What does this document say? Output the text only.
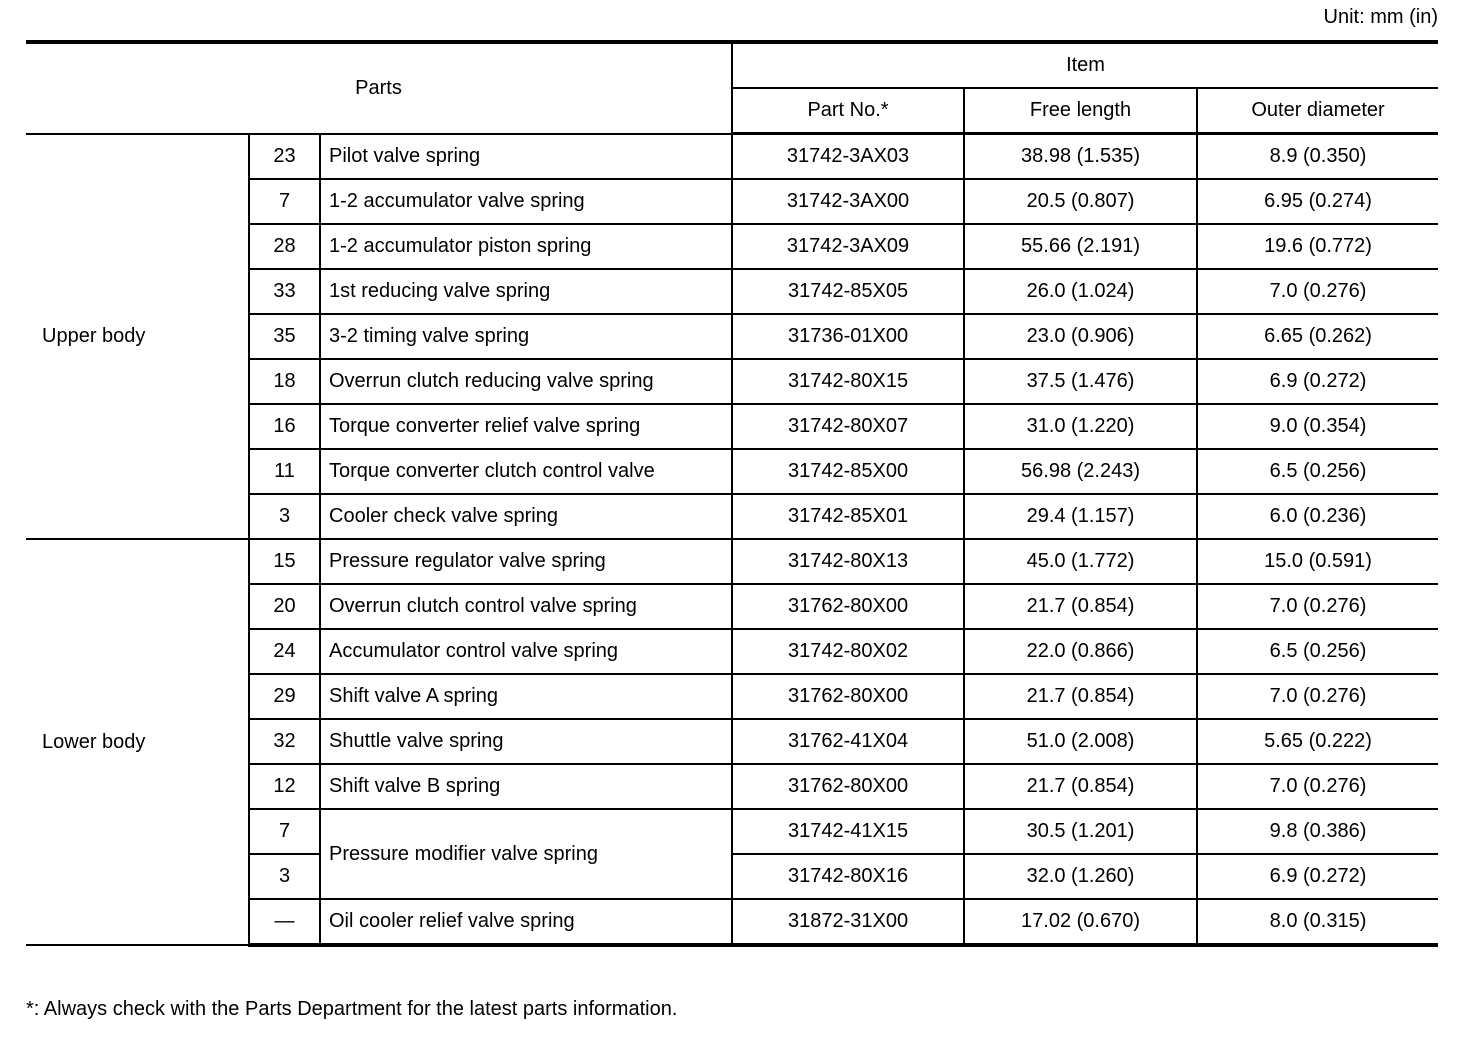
Unit: mm (in)
Parts			Item		
			Part No.*	Free length	Outer diameter
Upper body	23	Pilot valve spring	31742-3AX03	38.98 (1.535)	8.9 (0.350)
	7	1-2 accumulator valve spring	31742-3AX00	20.5 (0.807)	6.95 (0.274)
	28	1-2 accumulator piston spring	31742-3AX09	55.66 (2.191)	19.6 (0.772)
	33	1st reducing valve spring	31742-85X05	26.0 (1.024)	7.0 (0.276)
	35	3-2 timing valve spring	31736-01X00	23.0 (0.906)	6.65 (0.262)
	18	Overrun clutch reducing valve spring	31742-80X15	37.5 (1.476)	6.9 (0.272)
	16	Torque converter relief valve spring	31742-80X07	31.0 (1.220)	9.0 (0.354)
	11	Torque converter clutch control valve	31742-85X00	56.98 (2.243)	6.5 (0.256)
	3	Cooler check valve spring	31742-85X01	29.4 (1.157)	6.0 (0.236)
Lower body	15	Pressure regulator valve spring	31742-80X13	45.0 (1.772)	15.0 (0.591)
	20	Overrun clutch control valve spring	31762-80X00	21.7 (0.854)	7.0 (0.276)
	24	Accumulator control valve spring	31742-80X02	22.0 (0.866)	6.5 (0.256)
	29	Shift valve A spring	31762-80X00	21.7 (0.854)	7.0 (0.276)
	32	Shuttle valve spring	31762-41X04	51.0 (2.008)	5.65 (0.222)
	12	Shift valve B spring	31762-80X00	21.7 (0.854)	7.0 (0.276)
	7	Pressure modifier valve spring	31742-41X15	30.5 (1.201)	9.8 (0.386)
	3		31742-80X16	32.0 (1.260)	6.9 (0.272)
	—	Oil cooler relief valve spring	31872-31X00	17.02 (0.670)	8.0 (0.315)
*: Always check with the Parts Department for the latest parts information.
